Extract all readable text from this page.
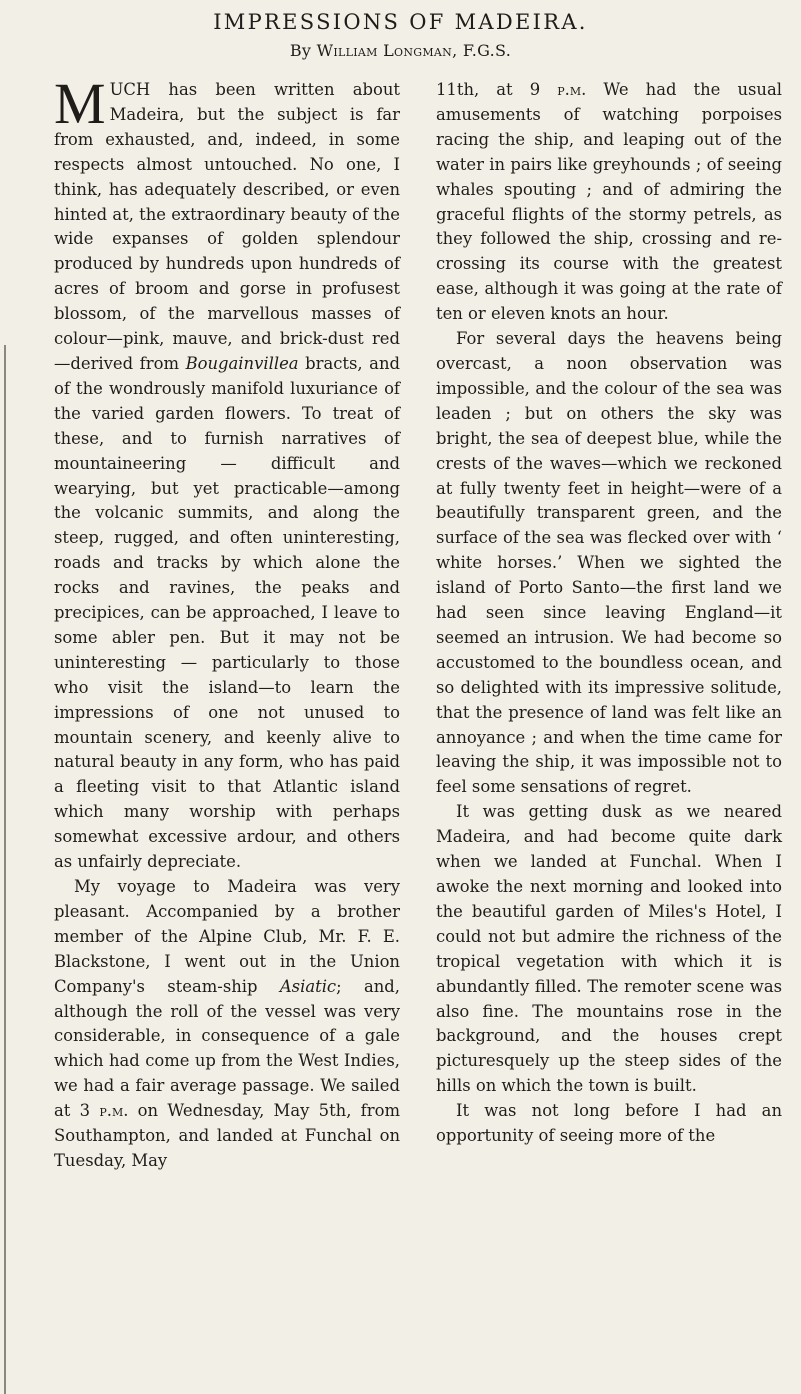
IMPRESSIONS OF MADEIRA.
By William Longman, F.G.S.

MUCH has been written about Madeira, but the subject is far from exhausted, and, indeed, in some respects almost untouched. No one, I think, has adequately described, or even hinted at, the extraordinary beauty of the wide expanses of golden splendour produced by hundreds upon hundreds of acres of broom and gorse in profusest blossom, of the marvellous masses of colour—pink, mauve, and brick-dust red—derived from Bougainvillea bracts, and of the wondrously manifold luxuriance of the varied garden flowers. To treat of these, and to furnish narratives of mountaineering — difficult and wearying, but yet practicable—among the volcanic summits, and along the steep, rugged, and often uninteresting, roads and tracks by which alone the rocks and ravines, the peaks and precipices, can be approached, I leave to some abler pen. But it may not be uninteresting — particularly to those who visit the island—to learn the impressions of one not unused to mountain scenery, and keenly alive to natural beauty in any form, who has paid a fleeting visit to that Atlantic island which many worship with perhaps somewhat excessive ardour, and others as unfairly depreciate.

My voyage to Madeira was very pleasant. Accompanied by a brother member of the Alpine Club, Mr. F. E. Blackstone, I went out in the Union Company's steam-ship Asiatic; and, although the roll of the vessel was very considerable, in consequence of a gale which had come up from the West Indies, we had a fair average passage. We sailed at 3 p.m. on Wednesday, May 5th, from Southampton, and landed at Funchal on Tuesday, May

11th, at 9 p.m. We had the usual amusements of watching porpoises racing the ship, and leaping out of the water in pairs like greyhounds ; of seeing whales spouting ; and of admiring the graceful flights of the stormy petrels, as they followed the ship, crossing and re-crossing its course with the greatest ease, although it was going at the rate of ten or eleven knots an hour.

For several days the heavens being overcast, a noon observation was impossible, and the colour of the sea was leaden ; but on others the sky was bright, the sea of deepest blue, while the crests of the waves—which we reckoned at fully twenty feet in height—were of a beautifully transparent green, and the surface of the sea was flecked over with ‘ white horses.’ When we sighted the island of Porto Santo—the first land we had seen since leaving England—it seemed an intrusion. We had become so accustomed to the boundless ocean, and so delighted with its impressive solitude, that the presence of land was felt like an annoyance ; and when the time came for leaving the ship, it was impossible not to feel some sensations of regret.

It was getting dusk as we neared Madeira, and had become quite dark when we landed at Funchal. When I awoke the next morning and looked into the beautiful garden of Miles's Hotel, I could not but admire the richness of the tropical vegetation with which it is abundantly filled. The remoter scene was also fine. The mountains rose in the background, and the houses crept picturesquely up the steep sides of the hills on which the town is built.

It was not long before I had an opportunity of seeing more of the
